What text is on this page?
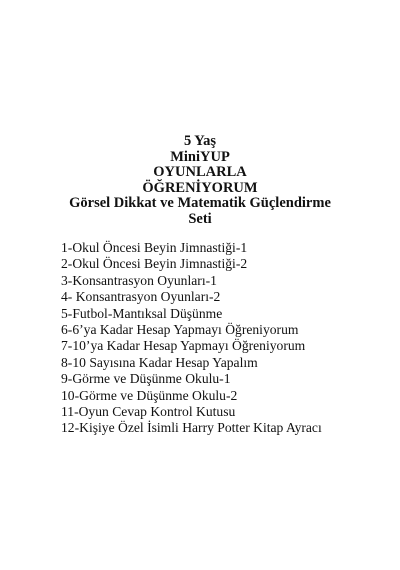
5 Yaş
MiniYUP
OYUNLARLA
ÖĞRENİYORUM
Görsel Dikkat ve Matematik Güçlendirme
Seti
1-Okul Öncesi Beyin Jimnastiği-1
2-Okul Öncesi Beyin Jimnastiği-2
3-Konsantrasyon Oyunları-1
4- Konsantrasyon Oyunları-2
5-Futbol-Mantıksal Düşünme
6-6’ya Kadar Hesap Yapmayı Öğreniyorum
7-10’ya Kadar Hesap Yapmayı Öğreniyorum
8-10 Sayısına Kadar Hesap Yapalım
9-Görme ve Düşünme Okulu-1
10-Görme ve Düşünme Okulu-2
11-Oyun Cevap Kontrol Kutusu
12-Kişiye Özel İsimli Harry Potter Kitap Ayracı
